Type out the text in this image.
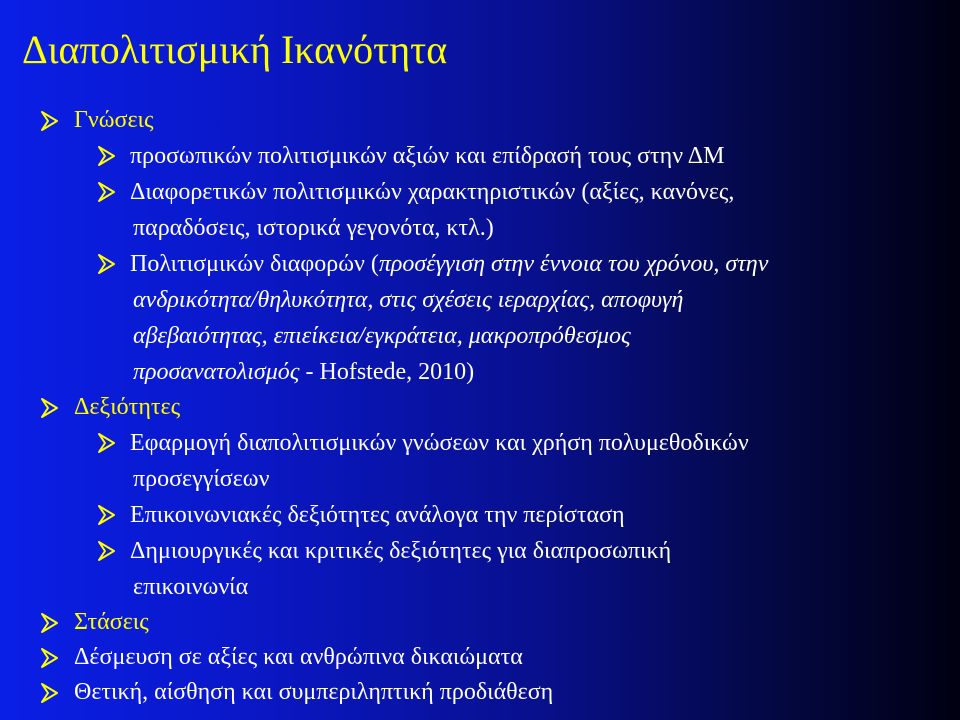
Διαπολιτισμική Ικανότητα
Γνώσεις
προσωπικών πολιτισμικών αξιών και επίδρασή τους στην ΔΜ
Διαφορετικών πολιτισμικών χαρακτηριστικών (αξίες, κανόνες,
παραδόσεις, ιστορικά γεγονότα, κτλ.)
Πολιτισμικών διαφορών (προσέγγιση στην έννοια του χρόνου, στην
ανδρικότητα/θηλυκότητα, στις σχέσεις ιεραρχίας, αποφυγή
αβεβαιότητας, επιείκεια/εγκράτεια, μακροπρόθεσμος
προσανατολισμός - Hofstede, 2010)
Δεξιότητες
Εφαρμογή διαπολιτισμικών γνώσεων και χρήση πολυμεθοδικών
προσεγγίσεων
Επικοινωνιακές δεξιότητες ανάλογα την περίσταση
Δημιουργικές και κριτικές δεξιότητες για διαπροσωπική
επικοινωνία
Στάσεις
Δέσμευση σε αξίες και ανθρώπινα δικαιώματα
Θετική, αίσθηση και συμπεριληπτική προδιάθεση
